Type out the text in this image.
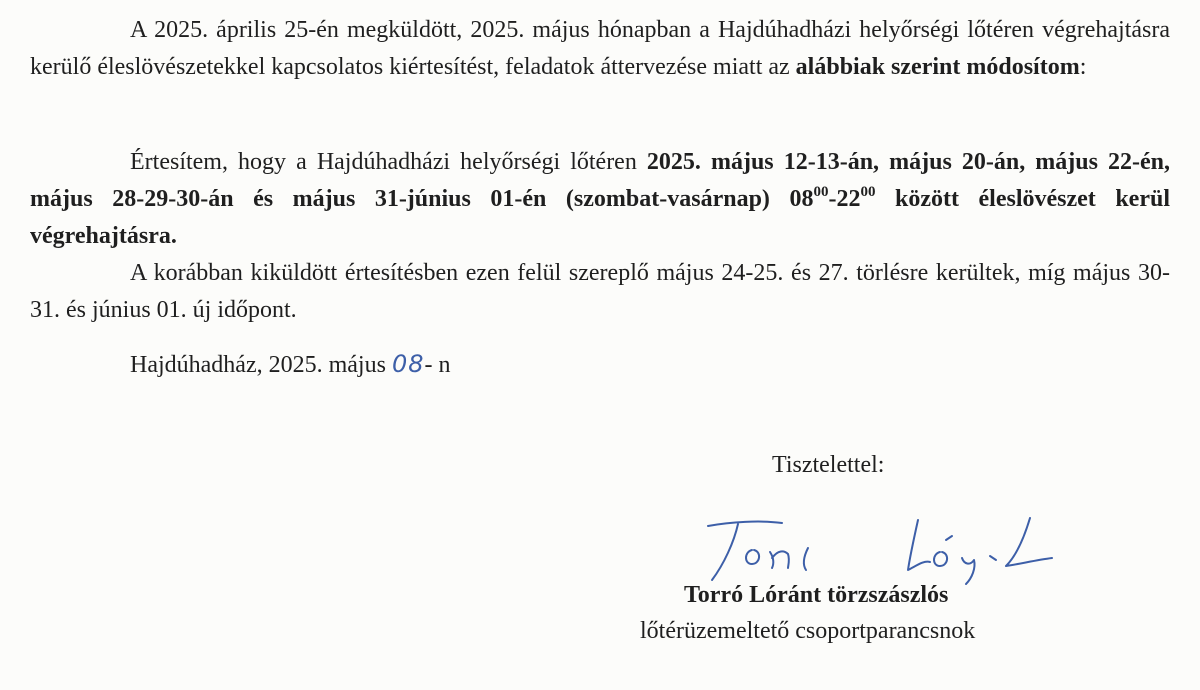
A 2025. április 25-én megküldött, 2025. május hónapban a Hajdúhadházi helyőrségi lőtéren végrehajtásra kerülő éleslövészetekkel kapcsolatos kiértesítést, feladatok áttervezése miatt az alábbiak szerint módosítom:

Értesítem, hogy a Hajdúhadházi helyőrségi lőtéren 2025. május 12-13-án, május 20-án, május 22-én, május 28-29-30-án és május 31-június 01-én (szombat-vasárnap) $08^{00}-22^{00}$ között éleslövészet kerül végrehajtásra.

A korábban kiküldött értesítésben ezen felül szereplő május 24-25. és 27. törlésre kerültek, míg május 30-31. és június 01. új időpont.

Hajdúhadház, 2025. május 08- n
Tisztelettel:
Torró Lóránt törzszászlós
lőtérüzemeltető csoportparancsnok
